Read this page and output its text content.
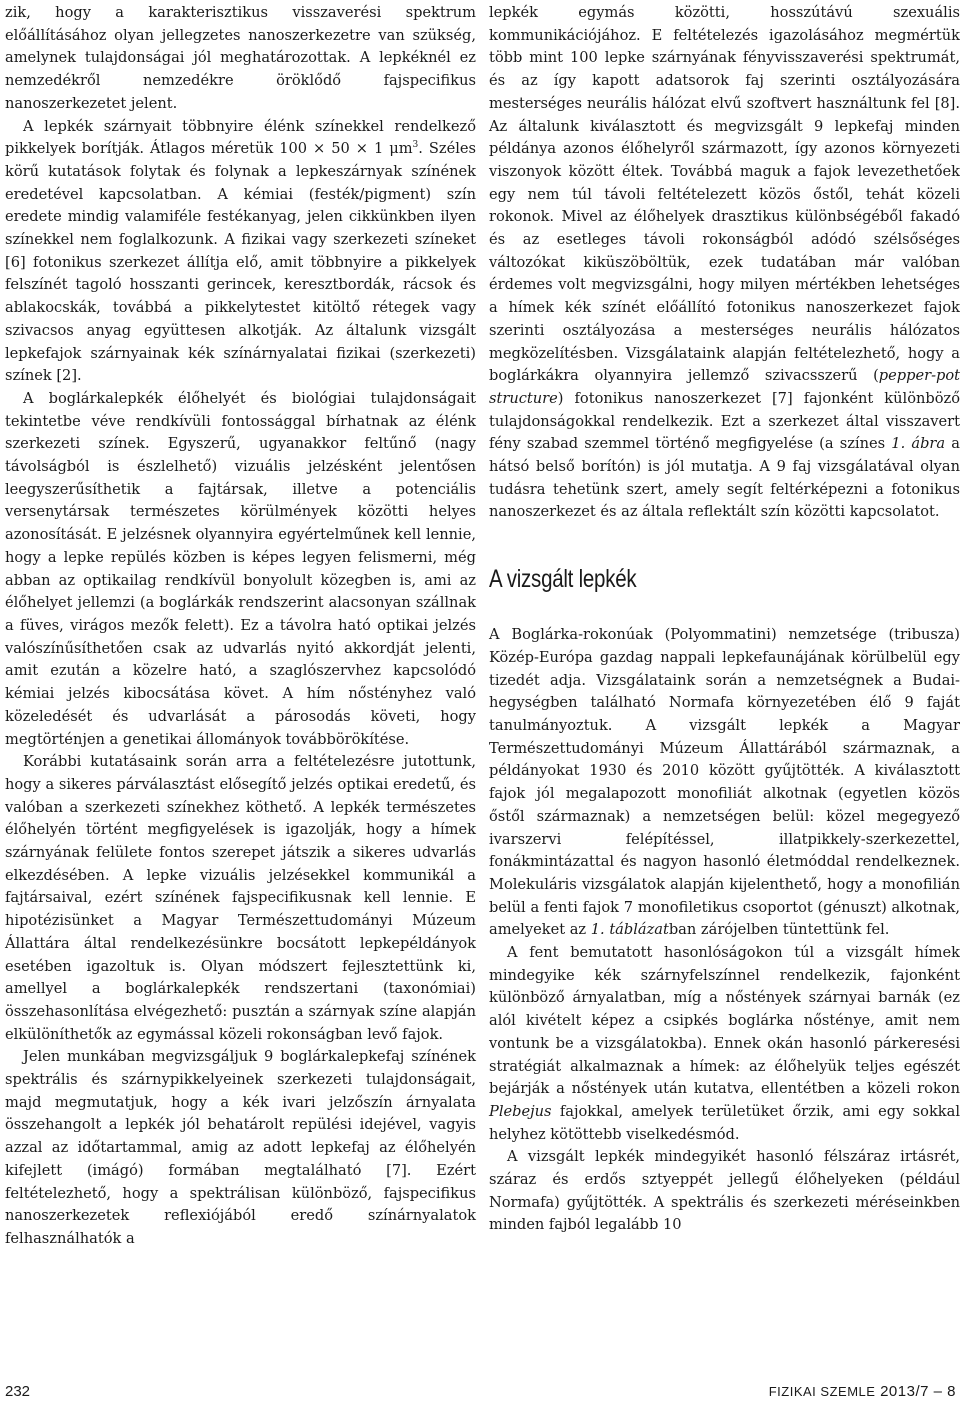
zik, hogy a karakterisztikus visszaverési spektrum előállításához olyan jellegzetes nanoszerkezetre van szükség, amelynek tulajdonságai jól meghatározottak. A lepkéknél ez nemzedékről nemzedékre öröklődő fajspecifikus nanoszerkezetet jelent.

A lepkék szárnyait többnyire élénk színekkel rendelkező pikkelyek borítják. Átlagos méretük 100 × 50 × 1 $\mu m^3$. Széles körű kutatások folytak és folynak a lepkeszárnyak színének eredetével kapcsolatban. A kémiai (festék/pigment) szín eredete mindig valamiféle festékanyag, jelen cikkünkben ilyen színekkel nem foglalkozunk. A fizikai vagy szerkezeti színeket [6] fotonikus szerkezet állítja elő, amit többnyire a pikkelyek felszínét tagoló hosszanti gerincek, keresztbordák, rácsok és ablakocskák, továbbá a pikkelytestet kitöltő rétegek vagy szivacsos anyag együttesen alkotják. Az általunk vizsgált lepkefajok szárnyainak kék színárnyalatai fizikai (szerkezeti) színek [2].

A boglárkalepkék élőhelyét és biológiai tulajdonságait tekintetbe véve rendkívüli fontossággal bírhatnak az élénk szerkezeti színek. Egyszerű, ugyanakkor feltűnő (nagy távolságból is észlelhető) vizuális jelzésként jelentősen leegyszerűsíthetik a fajtársak, illetve a potenciális versenytársak természetes körülmények közötti helyes azonosítását. E jelzésnek olyannyira egyértelműnek kell lennie, hogy a lepke repülés közben is képes legyen felismerni, még abban az optikailag rendkívül bonyolult közegben is, ami az élőhelyet jellemzi (a boglárkák rendszerint alacsonyan szállnak a füves, virágos mezők felett). Ez a távolra ható optikai jelzés valószínűsíthetően csak az udvarlás nyitó akkordját jelenti, amit ezután a közelre ható, a szaglószervhez kapcsolódó kémiai jelzés kibocsátása követ. A hím nőstényhez való közeledését és udvarlását a párosodás követi, hogy megtörténjen a genetikai állományok továbbörökítése.

Korábbi kutatásaink során arra a feltételezésre jutottunk, hogy a sikeres párválasztást elősegítő jelzés optikai eredetű, és valóban a szerkezeti színekhez köthető. A lepkék természetes élőhelyén történt megfigyelések is igazolják, hogy a hímek szárnyának felülete fontos szerepet játszik a sikeres udvarlás elkezdésében. A lepke vizuális jelzésekkel kommunikál a fajtársaival, ezért színének fajspecifikusnak kell lennie. E hipotézisünket a Magyar Természettudományi Múzeum Állattára által rendelkezésünkre bocsátott lepkepéldányok esetében igazoltuk is. Olyan módszert fejlesztettünk ki, amellyel a boglárkalepkék rendszertani (taxonómiai) összehasonlítása elvégezhető: pusztán a szárnyak színe alapján elkülöníthetők az egymással közeli rokonságban levő fajok.

Jelen munkában megvizsgáljuk 9 boglárkalepkefaj színének spektrális és szárnypikkelyeinek szerkezeti tulajdonságait, majd megmutatjuk, hogy a kék ivari jelzőszín árnyalata összehangolt a lepkék jól behatárolt repülési idejével, vagyis azzal az időtartammal, amig az adott lepkefaj az élőhelyén kifejlett (imágó) formában megtalálható [7]. Ezért feltételezhető, hogy a spektrálisan különböző, fajspecifikus nanoszerkezetek reflexiójából eredő színárnyalatok felhasználhatók a

lepkék egymás közötti, hosszútávú szexuális kommunikációjához. E feltételezés igazolásához megmértük több mint 100 lepke szárnyának fényvisszaverési spektrumát, és az így kapott adatsorok faj szerinti osztályozására mesterséges neurális hálózat elvű szoftvert használtunk fel [8]. Az általunk kiválasztott és megvizsgált 9 lepkefaj minden példánya azonos élőhelyről származott, így azonos környezeti viszonyok között éltek. Továbbá maguk a fajok levezethetőek egy nem túl távoli feltételezett közös őstől, tehát közeli rokonok. Mivel az élőhelyek drasztikus különbségéből fakadó és az esetleges távoli rokonságból adódó szélsőséges változókat kiküszöböltük, ezek tudatában már valóban érdemes volt megvizsgálni, hogy milyen mértékben lehetséges a hímek kék színét előállító fotonikus nanoszerkezet fajok szerinti osztályozása a mesterséges neurális hálózatos megközelítésben. Vizsgálataink alapján feltételezhető, hogy a boglárkákra olyannyira jellemző szivacsszerű (pepper-pot structure) fotonikus nanoszerkezet [7] fajonként különböző tulajdonságokkal rendelkezik. Ezt a szerkezet által visszavert fény szabad szemmel történő megfigyelése (a színes 1. ábra a hátsó belső borítón) is jól mutatja. A 9 faj vizsgálatával olyan tudásra tehetünk szert, amely segít feltérképezni a fotonikus nanoszerkezet és az általa reflektált szín közötti kapcsolatot.

A vizsgált lepkék

A Boglárka-rokonúak (Polyommatini) nemzetsége (tribusza) Közép-Európa gazdag nappali lepkefaunájának körülbelül egy tizedét adja. Vizsgálataink során a nemzetségnek a Budai-hegységben található Normafa környezetében élő 9 faját tanulmányoztuk. A vizsgált lepkék a Magyar Természettudományi Múzeum Állattárából származnak, a példányokat 1930 és 2010 között gyűjtötték. A kiválasztott fajok jól megalapozott monofiliát alkotnak (egyetlen közös őstől származnak) a nemzetségen belül: közel megegyező ivarszervi felépítéssel, illatpikkely-szerkezettel, fonákmintázattal és nagyon hasonló életmóddal rendelkeznek. Molekuláris vizsgálatok alapján kijelenthető, hogy a monofilián belül a fenti fajok 7 monofiletikus csoportot (génuszt) alkotnak, amelyeket az 1. táblázatban zárójelben tüntettünk fel.

A fent bemutatott hasonlóságokon túl a vizsgált hímek mindegyike kék szárnyfelszínnel rendelkezik, fajonként különböző árnyalatban, míg a nőstények szárnyai barnák (ez alól kivételt képez a csipkés boglárka nősténye, amit nem vontunk be a vizsgálatokba). Ennek okán hasonló párkeresési stratégiát alkalmaznak a hímek: az élőhelyük teljes egészét bejárják a nőstények után kutatva, ellentétben a közeli rokon Plebejus fajokkal, amelyek területüket őrzik, ami egy sokkal helyhez kötöttebb viselkedésmód.

A vizsgált lepkék mindegyikét hasonló félszáraz irtásrét, száraz és erdős sztyeppét jellegű élőhelyeken (például Normafa) gyűjtötték. A spektrális és szerkezeti méréseinkben minden fajból legalább 10

232	FIZIKAI SZEMLE 2013/7 – 8
